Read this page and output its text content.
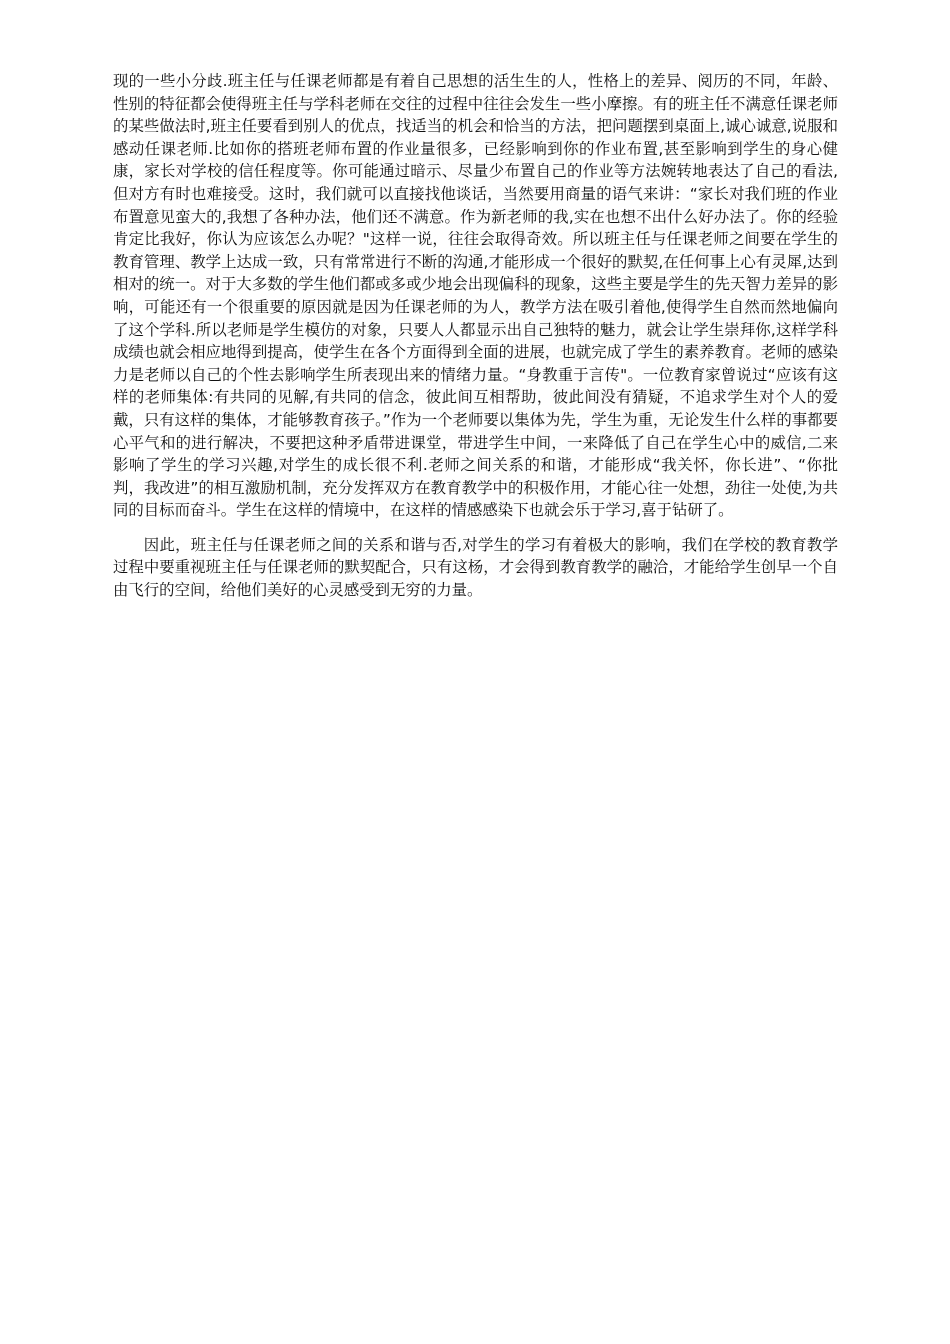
现的一些小分歧.班主任与任课老师都是有着自己思想的活生生的人，性格上的差异、阅历的不同，年龄、性别的特征都会使得班主任与学科老师在交往的过程中往往会发生一些小摩擦。有的班主任不满意任课老师的某些做法时,班主任要看到别人的优点，找适当的机会和恰当的方法，把问题摆到桌面上,诚心诚意,说服和感动任课老师.比如你的搭班老师布置的作业量很多，已经影响到你的作业布置,甚至影响到学生的身心健康，家长对学校的信任程度等。你可能通过暗示、尽量少布置自己的作业等方法婉转地表达了自己的看法,但对方有时也难接受。这时，我们就可以直接找他谈话，当然要用商量的语气来讲：“家长对我们班的作业布置意见蛮大的,我想了各种办法，他们还不满意。作为新老师的我,实在也想不出什么好办法了。你的经验肯定比我好，你认为应该怎么办呢？"这样一说，往往会取得奇效。所以班主任与任课老师之间要在学生的教育管理、教学上达成一致，只有常常进行不断的沟通,才能形成一个很好的默契,在任何事上心有灵犀,达到相对的统一。对于大多数的学生他们都或多或少地会出现偏科的现象，这些主要是学生的先天智力差异的影响，可能还有一个很重要的原因就是因为任课老师的为人，教学方法在吸引着他,使得学生自然而然地偏向了这个学科.所以老师是学生模仿的对象，只要人人都显示出自己独特的魅力，就会让学生崇拜你,这样学科成绩也就会相应地得到提高，使学生在各个方面得到全面的进展，也就完成了学生的素养教育。老师的感染力是老师以自己的个性去影响学生所表现出来的情绪力量。“身教重于言传"。一位教育家曾说过“应该有这样的老师集体:有共同的见解,有共同的信念，彼此间互相帮助，彼此间没有猜疑，不追求学生对个人的爱戴，只有这样的集体，才能够教育孩子。”作为一个老师要以集体为先，学生为重，无论发生什么样的事都要心平气和的进行解决，不要把这种矛盾带进课堂，带进学生中间，一来降低了自己在学生心中的威信,二来影响了学生的学习兴趣,对学生的成长很不利.老师之间关系的和谐，才能形成“我关怀，你长进”、“你批判，我改进”的相互激励机制，充分发挥双方在教育教学中的积极作用，才能心往一处想，劲往一处使,为共同的目标而奋斗。学生在这样的情境中，在这样的情感感染下也就会乐于学习,喜于钻研了。

因此，班主任与任课老师之间的关系和谐与否,对学生的学习有着极大的影响，我们在学校的教育教学过程中要重视班主任与任课老师的默契配合，只有这杨，才会得到教育教学的融洽，才能给学生创早一个自由飞行的空间，给他们美好的心灵感受到无穷的力量。
